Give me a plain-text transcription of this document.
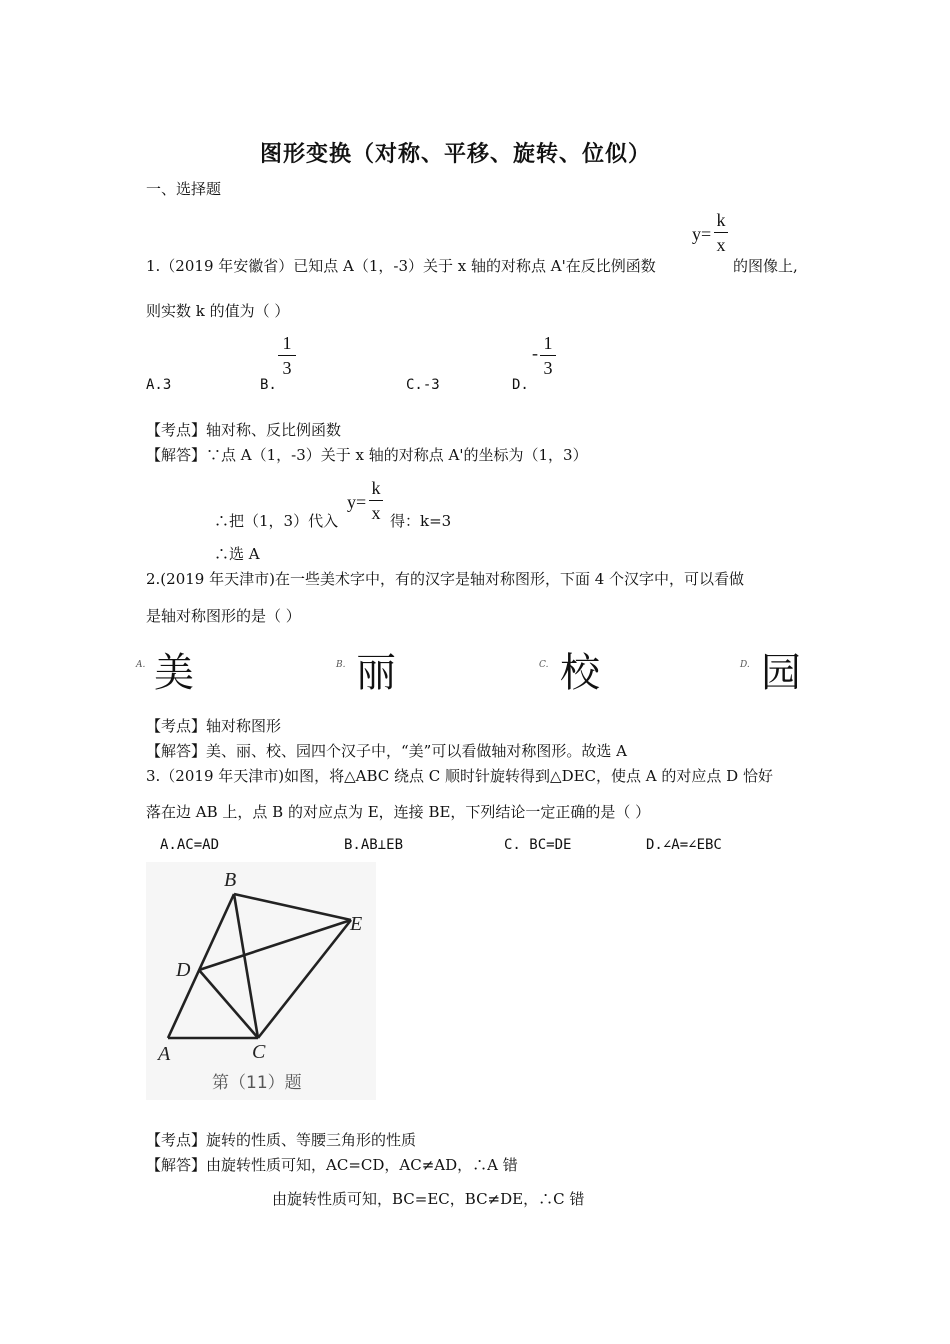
图形变换（对称、平移、旋转、位似）
一、选择题
y=
k
x
1.（2019 年安徽省）已知点 A（1，-3）关于 x 轴的对称点 A'在反比例函数	的图像上,
则实数 k 的值为（ ）
1
3
- 1
3
A.3	B.	C.-3	D.
【考点】轴对称、反比例函数
【解答】∵点 A（1，-3）关于 x 轴的对称点 A'的坐标为（1，3）
y=
k
x
∴把（1，3）代入	得：k=3
∴选 A
2.(2019 年天津市)在一些美术字中，有的汉字是轴对称图形，下面 4 个汉字中，可以看做
是轴对称图形的是（ ）
A. 美	B. 丽	C. 校	D. 园
【考点】轴对称图形
【解答】美、丽、校、园四个汉子中，“美”可以看做轴对称图形。故选 A
3.（2019 年天津市)如图，将△ABC 绕点 C 顺时针旋转得到△DEC，使点 A 的对应点 D 恰好
落在边 AB 上，点 B 的对应点为 E，连接 BE，下列结论一定正确的是（ ）
A.AC=AD	B.AB⊥EB	C. BC=DE	D.∠A=∠EBC
B
E
D
A	C
第（11）题
【考点】旋转的性质、等腰三角形的性质
【解答】由旋转性质可知，AC=CD，AC≠AD，∴A 错
由旋转性质可知，BC=EC，BC≠DE，∴C 错
